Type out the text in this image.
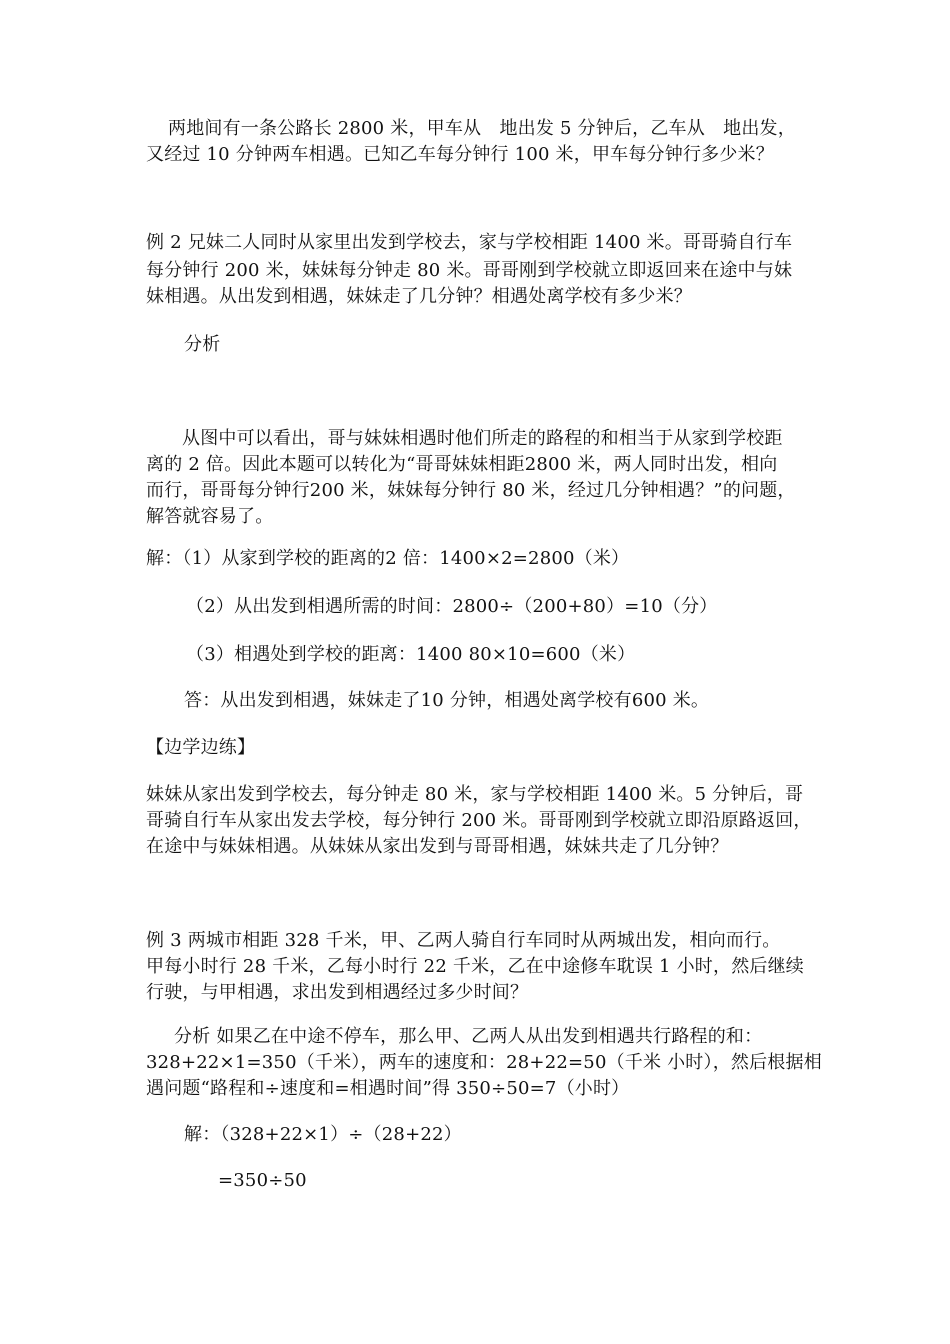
两地间有一条公路长 2800 米，甲车从　地出发 5 分钟后，乙车从　地出发，
又经过 10 分钟两车相遇。已知乙车每分钟行 100 米，甲车每分钟行多少米？
例 2 兄妹二人同时从家里出发到学校去，家与学校相距 1400 米。哥哥骑自行车
每分钟行 200 米，妹妹每分钟走 80 米。哥哥刚到学校就立即返回来在途中与妹
妹相遇。从出发到相遇，妹妹走了几分钟？相遇处离学校有多少米？
分析
从图中可以看出，哥与妹妹相遇时他们所走的路程的和相当于从家到学校距
离的 2 倍。因此本题可以转化为“哥哥妹妹相距2800 米，两人同时出发，相向
而行，哥哥每分钟行200 米，妹妹每分钟行 80 米，经过几分钟相遇？”的问题，
解答就容易了。
解：（1）从家到学校的距离的2 倍：1400×2=2800（米）
（2）从出发到相遇所需的时间：2800÷（200+80）=10（分）
（3）相遇处到学校的距离：1400 80×10=600（米）
答：从出发到相遇，妹妹走了10 分钟，相遇处离学校有600 米。
【边学边练】
妹妹从家出发到学校去，每分钟走 80 米，家与学校相距 1400 米。5 分钟后，哥
哥骑自行车从家出发去学校，每分钟行 200 米。哥哥刚到学校就立即沿原路返回，
在途中与妹妹相遇。从妹妹从家出发到与哥哥相遇，妹妹共走了几分钟？
例 3 两城市相距 328 千米，甲、乙两人骑自行车同时从两城出发，相向而行。
甲每小时行 28 千米，乙每小时行 22 千米，乙在中途修车耽误 1 小时，然后继续
行驶，与甲相遇，求出发到相遇经过多少时间？
分析 如果乙在中途不停车，那么甲、乙两人从出发到相遇共行路程的和：
328+22×1=350（千米），两车的速度和：28+22=50（千米 小时），然后根据相
遇问题“路程和÷速度和=相遇时间”得 350÷50=7（小时）
解：（328+22×1）÷（28+22）
=350÷50
